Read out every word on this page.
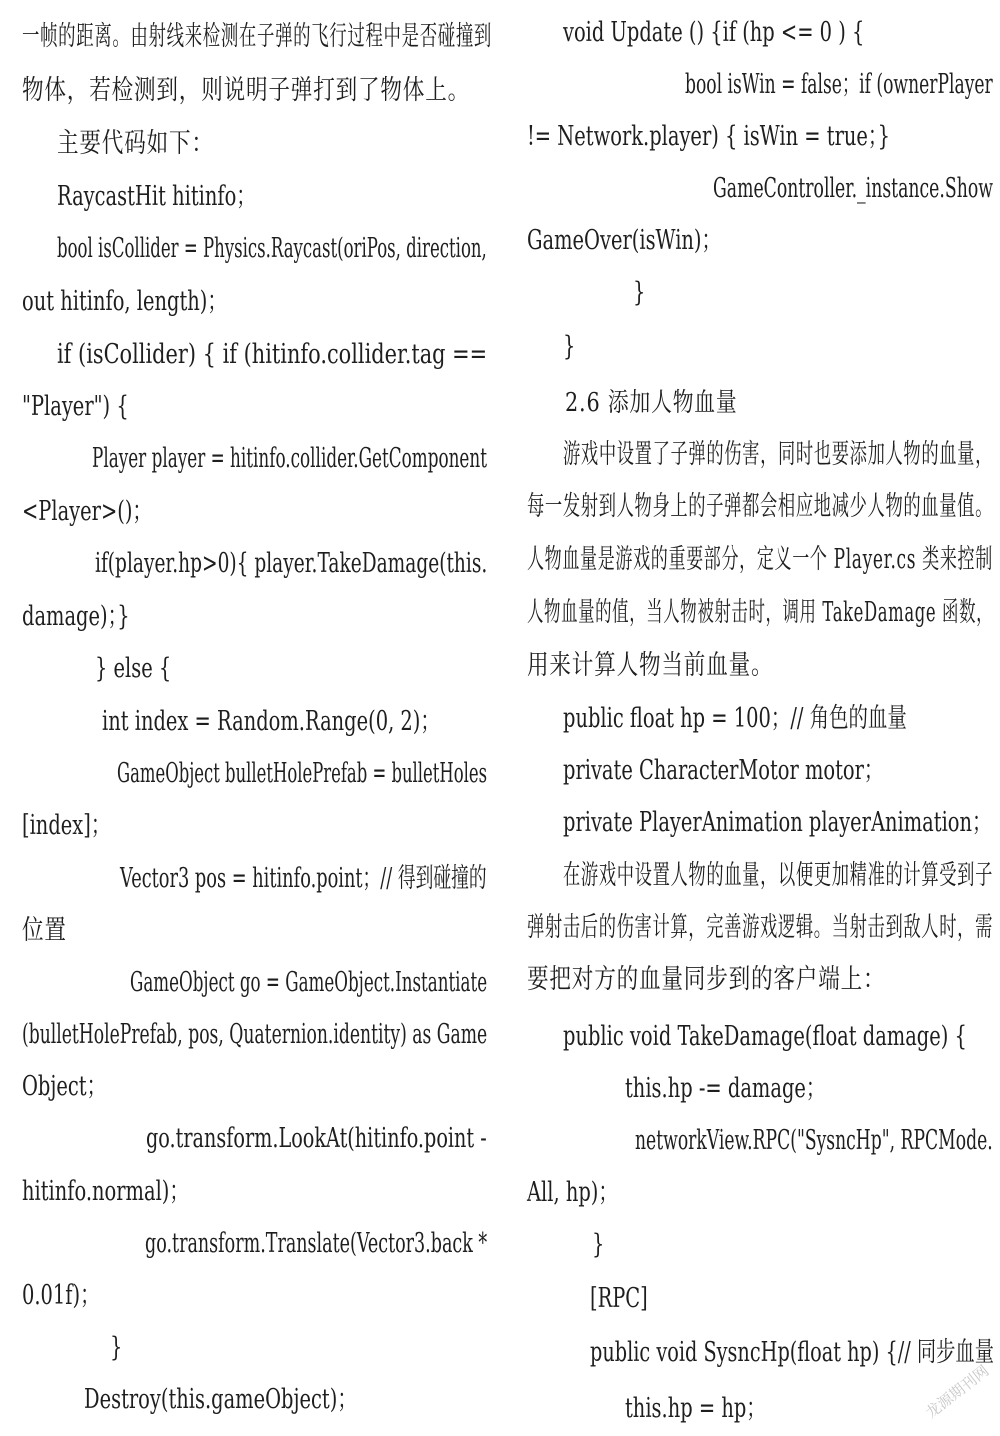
一帧的距离。由射线来检测在子弹的飞行过程中是否碰撞到
物体，若检测到，则说明子弹打到了物体上。
主要代码如下：
RaycastHit hitinfo；
bool isCollider = Physics.Raycast(oriPos, direction,
out hitinfo, length)；
if (isCollider) { if (hitinfo.collider.tag ==
"Player") {
Player player = hitinfo.collider.GetComponent
<Player>()；
if(player.hp>0){ player.TakeDamage(this.
damage)；}
} else {
int index = Random.Range(0, 2)；
GameObject bulletHolePrefab = bulletHoles
[index]；
Vector3 pos = hitinfo.point；// 得到碰撞的
位置
GameObject go = GameObject.Instantiate
(bulletHolePrefab, pos, Quaternion.identity) as Game
Object；
go.transform.LookAt(hitinfo.point -
hitinfo.normal)；
go.transform.Translate(Vector3.back *
0.01f)；
}
Destroy(this.gameObject)；
void Update () {if (hp <= 0 ) {
bool isWin = false；if (ownerPlayer
!= Network.player) { isWin = true；}
GameController._instance.Show
GameOver(isWin)；
}
}
2.6 添加人物血量
游戏中设置了子弹的伤害，同时也要添加人物的血量，
每一发射到人物身上的子弹都会相应地减少人物的血量值。
人物血量是游戏的重要部分，定义一个 Player.cs 类来控制
人物血量的值，当人物被射击时，调用 TakeDamage 函数，
用来计算人物当前血量。
public float hp = 100；// 角色的血量
private CharacterMotor motor；
private PlayerAnimation playerAnimation；
在游戏中设置人物的血量，以便更加精准的计算受到子
弹射击后的伤害计算，完善游戏逻辑。当射击到敌人时，需
要把对方的血量同步到的客户端上：
public void TakeDamage(float damage) {
this.hp -= damage；
networkView.RPC("SysncHp", RPCMode.
All, hp)；
}
[RPC]
public void SysncHp(float hp) {// 同步血量
this.hp = hp；	龙源期刊网
